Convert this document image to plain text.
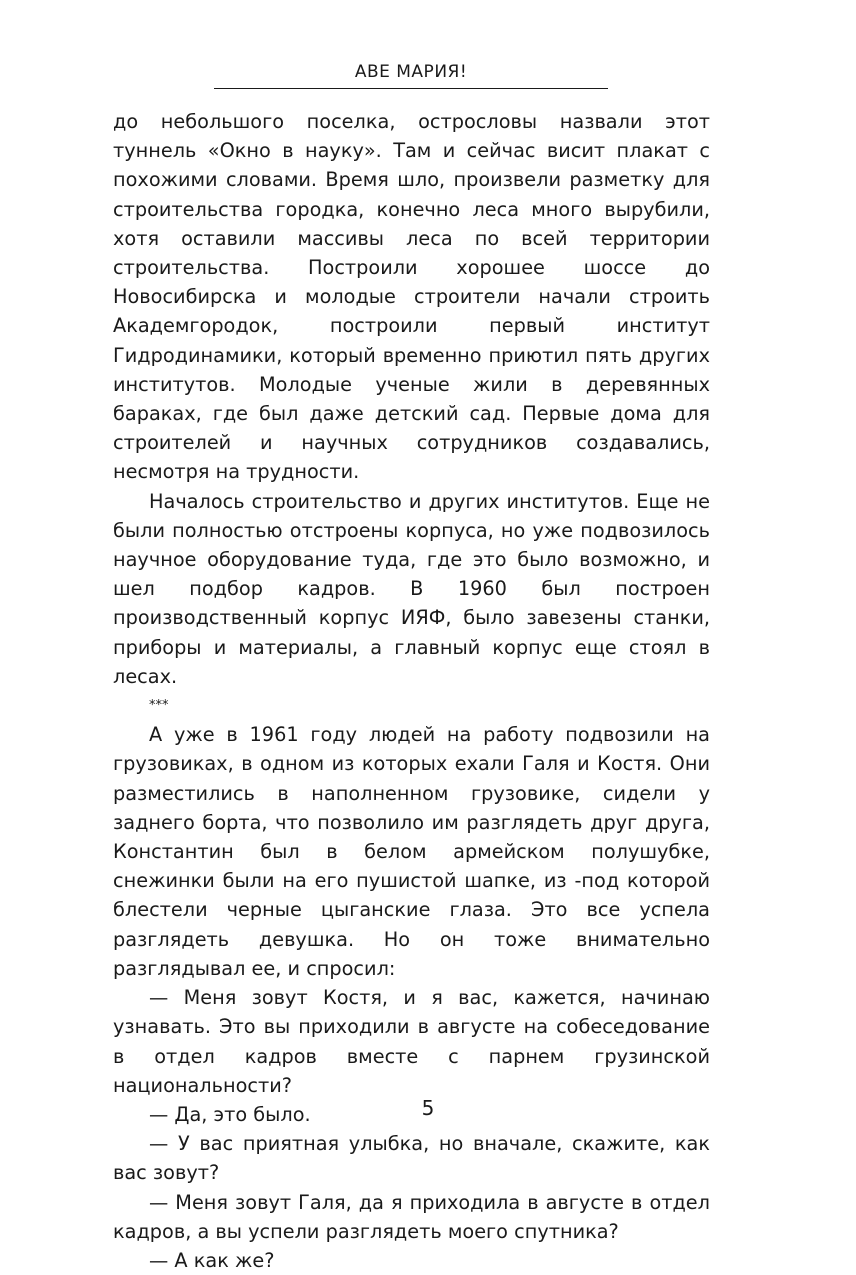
АВЕ МАРИЯ!

до небольшого поселка, острословы назвали этот туннель «Окно в науку». Там и сейчас висит плакат с похожими словами. Время шло, произвели разметку для строительства городка, конечно леса много вырубили, хотя оставили массивы леса по всей территории строительства. Построили хорошее шоссе до Новосибирска и молодые строители начали строить Академгородок, построили первый институт Гидродинамики, который временно приютил пять других институтов. Молодые ученые жили в деревянных бараках, где был даже детский сад. Первые дома для строителей и научных сотрудников создавались, несмотря на трудности.

Началось строительство и других институтов. Еще не были полностью отстроены корпуса, но уже подвозилось научное оборудование туда, где это было возможно, и шел подбор кадров. В 1960 был построен производственный корпус ИЯФ, было завезены станки, приборы и материалы, а главный корпус еще стоял в лесах.

***

А уже в 1961 году людей на работу подвозили на грузовиках, в одном из которых ехали Галя и Костя. Они разместились в наполненном грузовике, сидели у заднего борта, что позволило им разглядеть друг друга, Константин был в белом армейском полушубке, снежинки были на его пушистой шапке, из -под которой блестели черные цыганские глаза. Это все успела разглядеть девушка. Но он тоже внимательно разглядывал ее, и спросил:

— Меня зовут Костя, и я вас, кажется, начинаю узнавать. Это вы приходили в августе на собеседование в отдел кадров вместе с парнем грузинской национальности?

— Да, это было.

— У вас приятная улыбка, но вначале, скажите, как вас зовут?

— Меня зовут Галя, да я приходила в августе в отдел кадров, а вы успели разглядеть моего спутника?

— А как же?

5
